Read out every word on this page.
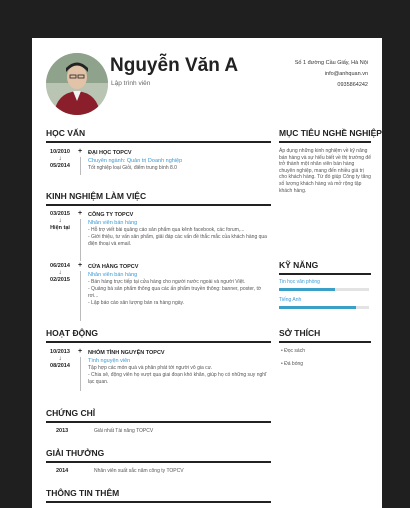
Nguyễn Văn A
Lập trình viên
Số 1 đường Cầu Giấy, Hà Nội
info@anhquan.vn
0935864242
HỌC VẤN
10/2010
↓
05/2014
+ ĐẠI HỌC TOPCV
Chuyên ngành: Quản trị Doanh nghiệp
Tốt nghiệp loại Giỏi, điểm trung bình 8.0
KINH NGHIỆM LÀM VIỆC
03/2015
↓
Hiện tại
+ CÔNG TY TOPCV
Nhân viên bán hàng
- Hỗ trợ viết bài quảng cáo sản phẩm qua kênh facebook, các forum,...
- Giới thiệu, tư vấn sản phẩm, giải đáp các vấn đề thắc mắc của khách hàng qua điện thoại và email.
06/2014
↓
02/2015
+ CỬA HÀNG TOPCV
Nhân viên bán hàng
- Bán hàng trực tiếp tại cửa hàng cho người nước ngoài và người Việt.
- Quảng bá sản phẩm thông qua các ấn phẩm truyền thông: banner, poster, tờ rơi...
- Lập báo cáo sản lượng bán ra hàng ngày.
HOẠT ĐỘNG
10/2013
↓
08/2014
+ NHÓM TÌNH NGUYỆN TOPCV
Tình nguyện viên
Tập hợp các món quà và phân phát tới người vô gia cư.
- Chia sẻ, động viên họ vượt qua giai đoạn khó khăn, giúp họ có những suy nghĩ lạc quan.
CHỨNG CHỈ
2013	Giải nhất Tài năng TOPCV
GIẢI THƯỞNG
2014	Nhân viên xuất sắc năm công ty TOPCV
THÔNG TIN THÊM
MỤC TIÊU NGHỀ NGHIỆP
Áp dụng những kinh nghiệm về kỹ năng bán hàng và sự hiểu biết về thị trường để trở thành một nhân viên bán hàng chuyên nghiệp, mang đến nhiều giá trị cho khách hàng. Từ đó giúp Công ty tăng số lượng khách hàng và mở rộng tập khách hàng.
KỸ NĂNG
Tin học văn phòng
Tiếng Anh
SỞ THÍCH
• Đọc sách
• Đá bóng
